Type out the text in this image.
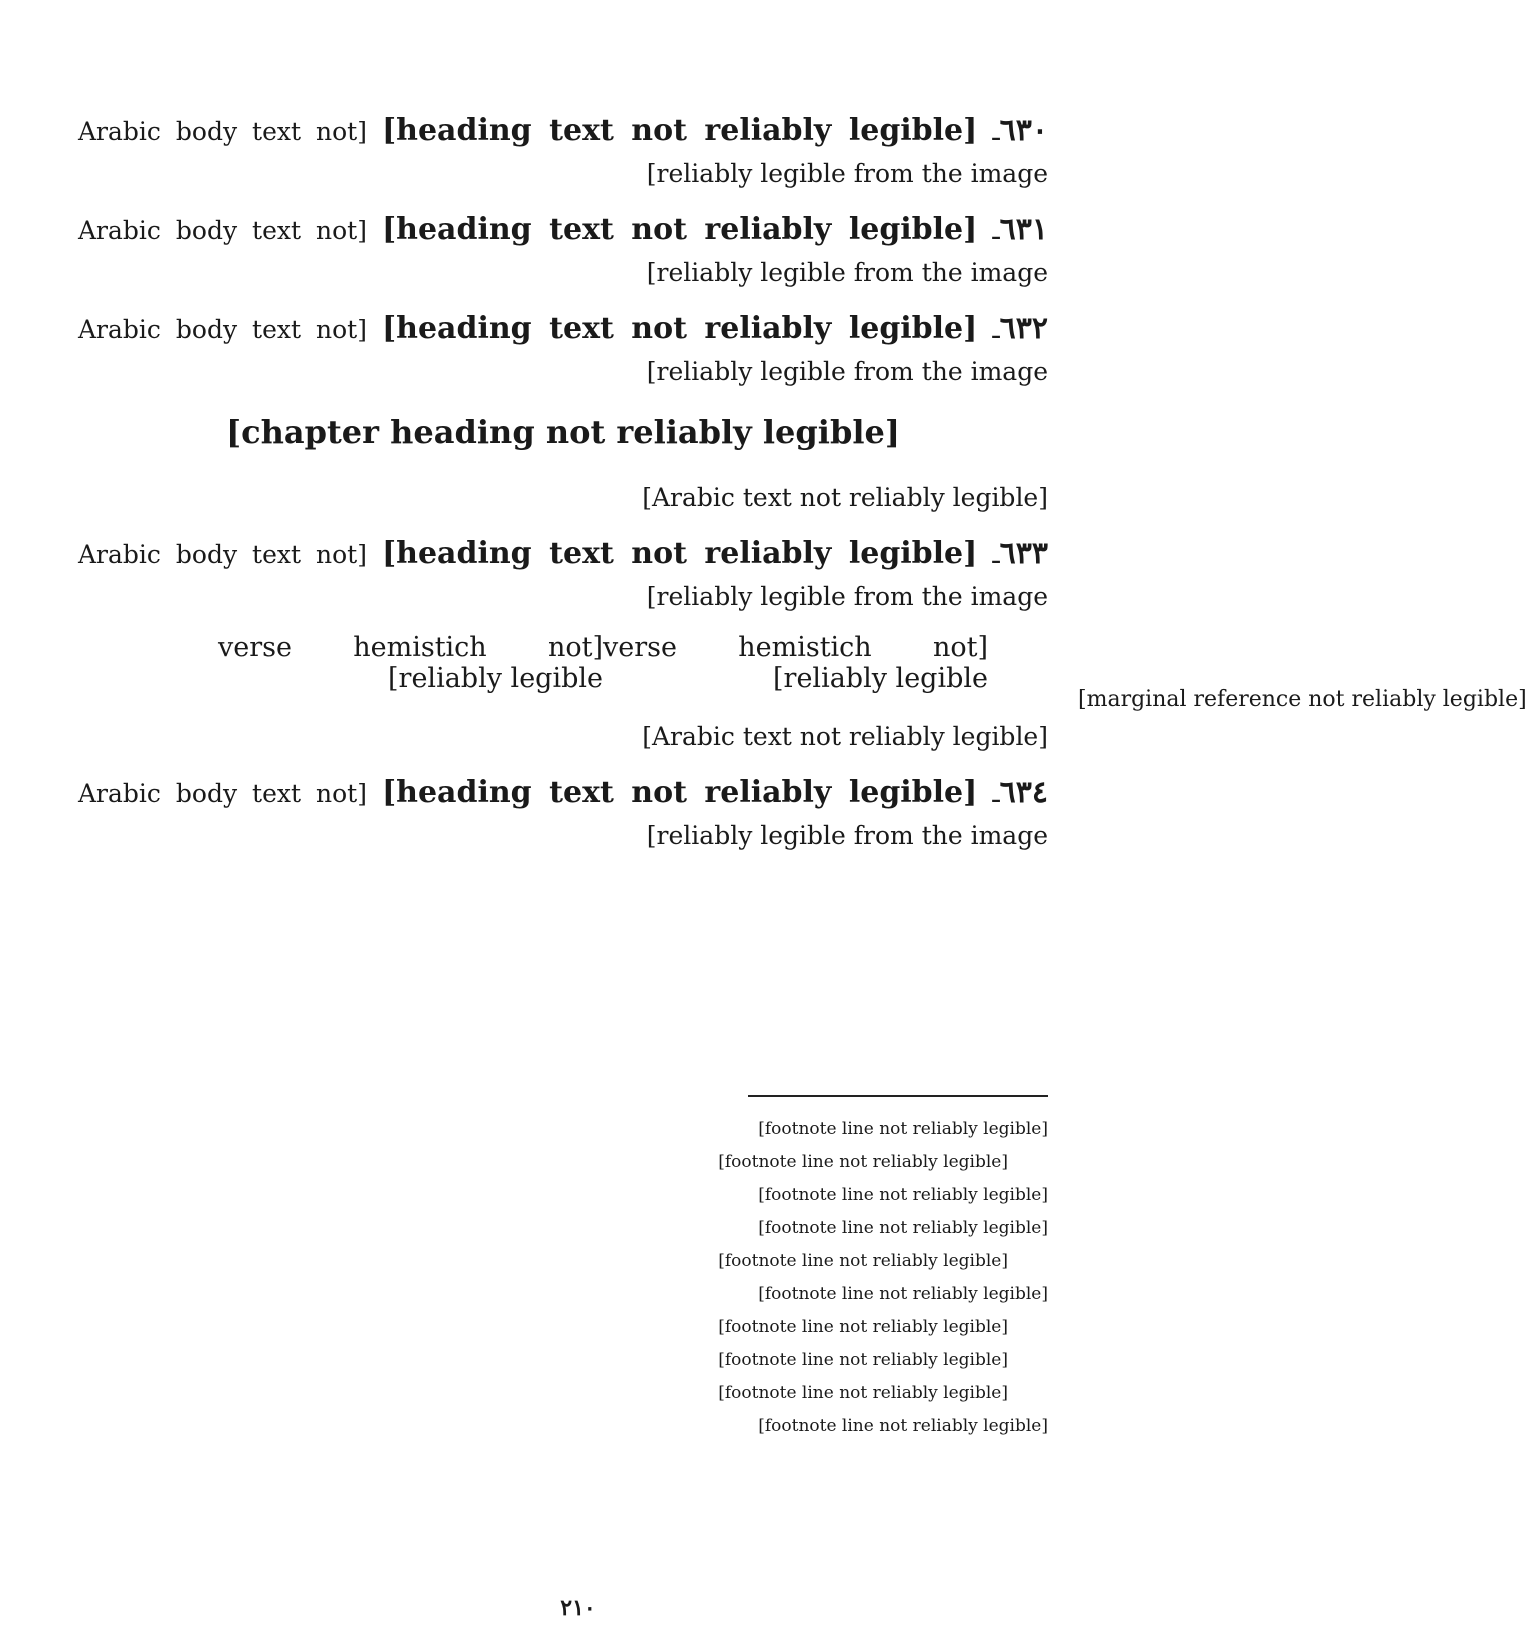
٦٣٠ـ [heading text not reliably legible] [Arabic body text not reliably legible from the image]

٦٣١ـ [heading text not reliably legible] [Arabic body text not reliably legible from the image]

٦٣٢ـ [heading text not reliably legible] [Arabic body text not reliably legible from the image]

[chapter heading not reliably legible]

[Arabic text not reliably legible]

٦٣٣ـ [heading text not reliably legible] [Arabic body text not reliably legible from the image]

[verse hemistich not reliably legible]
[verse hemistich not reliably legible]

[Arabic text not reliably legible]

٦٣٤ـ [heading text not reliably legible] [Arabic body text not reliably legible from the image]

[marginal reference not reliably legible]
[footnote line not reliably legible]
[footnote line not reliably legible]
[footnote line not reliably legible]
[footnote line not reliably legible]
[footnote line not reliably legible]
[footnote line not reliably legible]
[footnote line not reliably legible]
[footnote line not reliably legible]
[footnote line not reliably legible]
[footnote line not reliably legible]
٢١٠
